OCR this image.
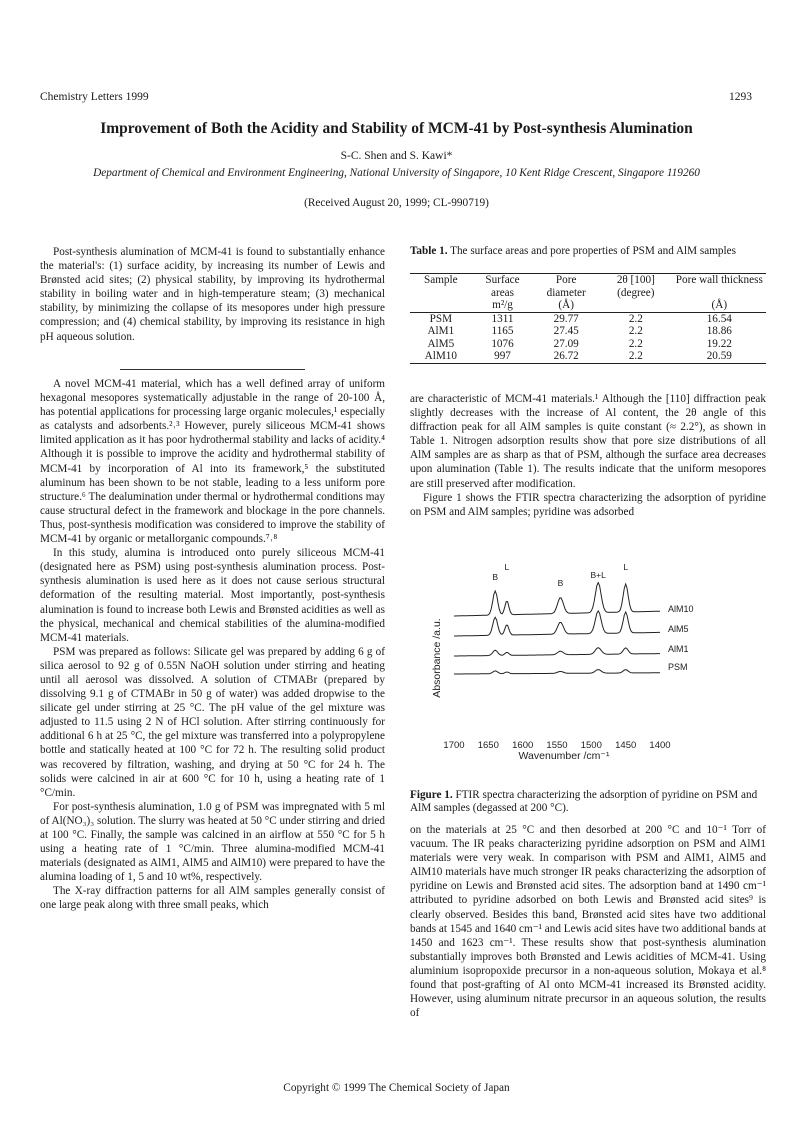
Chemistry Letters 1999	1293
Improvement of Both the Acidity and Stability of MCM-41 by Post-synthesis Alumination
S-C. Shen and S. Kawi*
Department of Chemical and Environment Engineering, National University of Singapore, 10 Kent Ridge Crescent, Singapore 119260
(Received August 20, 1999; CL-990719)

Post-synthesis alumination of MCM-41 is found to substantially enhance the material's: (1) surface acidity, by increasing its number of Lewis and Brønsted acid sites; (2) physical stability, by improving its hydrothermal stability in boiling water and in high-temperature steam; (3) mechanical stability, by minimizing the collapse of its mesopores under high pressure compression; and (4) chemical stability, by improving its resistance in high pH aqueous solution.

A novel MCM-41 material, which has a well defined array of uniform hexagonal mesopores systematically adjustable in the range of 20-100 Å, has potential applications for processing large organic molecules,¹ especially as catalysts and adsorbents.²˒³ However, purely siliceous MCM-41 shows limited application as it has poor hydrothermal stability and lacks of acidity.⁴ Although it is possible to improve the acidity and hydrothermal stability of MCM-41 by incorporation of Al into its framework,⁵ the substituted aluminum has been shown to be not stable, leading to a less uniform pore structure.⁶ The dealumination under thermal or hydrothermal conditions may cause structural defect in the framework and blockage in the pore channels. Thus, post-synthesis modification was considered to improve the stability of MCM-41 by organic or metallorganic compounds.⁷˒⁸

In this study, alumina is introduced onto purely siliceous MCM-41 (designated here as PSM) using post-synthesis alumination process. Post-synthesis alumination is used here as it does not cause serious structural deformation of the resulting material. Most importantly, post-synthesis alumination is found to increase both Lewis and Brønsted acidities as well as the physical, mechanical and chemical stabilities of the alumina-modified MCM-41 materials.

PSM was prepared as follows: Silicate gel was prepared by adding 6 g of silica aerosol to 92 g of 0.55N NaOH solution under stirring and heating until all aerosol was dissolved. A solution of CTMABr (prepared by dissolving 9.1 g of CTMABr in 50 g of water) was added dropwise to the silicate gel under stirring at 25 °C. The pH value of the gel mixture was adjusted to 11.5 using 2 N of HCl solution. After stirring continuously for additional 6 h at 25 °C, the gel mixture was transferred into a polypropylene bottle and statically heated at 100 °C for 72 h. The resulting solid product was recovered by filtration, washing, and drying at 50 °C for 24 h. The solids were calcined in air at 600 °C for 10 h, using a heating rate of 1 °C/min.

For post-synthesis alumination, 1.0 g of PSM was impregnated with 5 ml of Al(NO₃)₃ solution. The slurry was heated at 50 °C under stirring and dried at 100 °C. Finally, the sample was calcined in an airflow at 550 °C for 5 h using a heating rate of 1 °C/min. Three alumina-modified MCM-41 materials (designated as AlM1, AlM5 and AlM10) were prepared to have the alumina loading of 1, 5 and 10 wt%, respectively.

The X-ray diffraction patterns for all AlM samples generally consist of one large peak along with three small peaks, which

Table 1. The surface areas and pore properties of PSM and AlM samples
Sample	Surface areas	Pore diameter	2θ [100] (degree)	Pore wall thickness
	m²/g	(Å)		(Å)
PSM	1311	29.77	2.2	16.54
AlM1	1165	27.45	2.2	18.86
AlM5	1076	27.09	2.2	19.22
AlM10	997	26.72	2.2	20.59

are characteristic of MCM-41 materials.¹ Although the [110] diffraction peak slightly decreases with the increase of Al content, the 2θ angle of this diffraction peak for all AlM samples is quite constant (≈ 2.2°), as shown in Table 1. Nitrogen adsorption results show that pore size distributions of all AlM samples are as sharp as that of PSM, although the surface area decreases upon alumination (Table 1). The results indicate that the uniform mesopores are still preserved after modification.

Figure 1 shows the FTIR spectra characterizing the adsorption of pyridine on PSM and AlM samples; pyridine was adsorbed

L
B
B
B+L
L
AlM10
AlM5
AlM1
PSM
1700 1650 1600 1550 1500 1450 1400
Wavenumber /cm⁻¹
Absorbance /a.u.
Figure 1. FTIR spectra characterizing the adsorption of pyridine on PSM and AlM samples (degassed at 200 °C).

on the materials at 25 °C and then desorbed at 200 °C and 10⁻¹ Torr of vacuum. The IR peaks characterizing pyridine adsorption on PSM and AlM1 materials were very weak. In comparison with PSM and AlM1, AlM5 and AlM10 materials have much stronger IR peaks characterizing the adsorption of pyridine on Lewis and Brønsted acid sites. The adsorption band at 1490 cm⁻¹ attributed to pyridine adsorbed on both Lewis and Brønsted acid sites⁹ is clearly observed. Besides this band, Brønsted acid sites have two additional bands at 1545 and 1640 cm⁻¹ and Lewis acid sites have two additional bands at 1450 and 1623 cm⁻¹. These results show that post-synthesis alumination substantially improves both Brønsted and Lewis acidities of MCM-41. Using aluminium isopropoxide precursor in a non-aqueous solution, Mokaya et al.⁸ found that post-grafting of Al onto MCM-41 increased its Brønsted acidity. However, using aluminum nitrate precursor in an aqueous solution, the results of

Copyright © 1999 The Chemical Society of Japan
